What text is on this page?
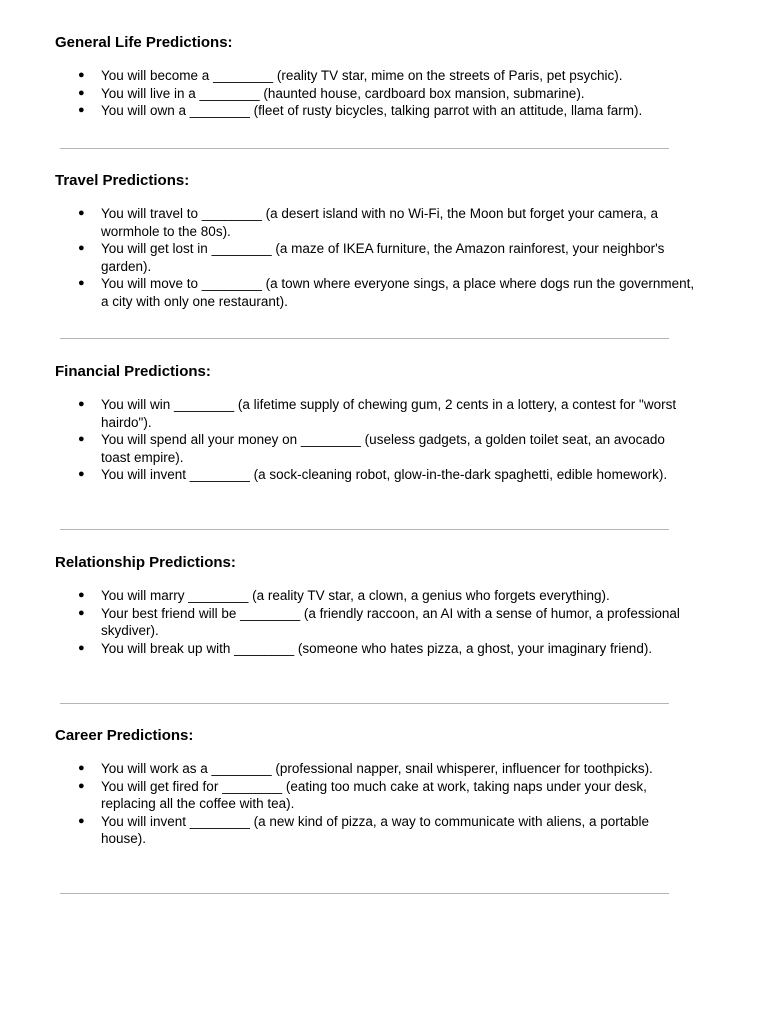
General Life Predictions:
● You will become a ________ (reality TV star, mime on the streets of Paris, pet psychic).
● You will live in a ________ (haunted house, cardboard box mansion, submarine).
● You will own a ________ (fleet of rusty bicycles, talking parrot with an attitude, llama farm).
Travel Predictions:
● You will travel to ________ (a desert island with no Wi-Fi, the Moon but forget your camera, a wormhole to the 80s).
● You will get lost in ________ (a maze of IKEA furniture, the Amazon rainforest, your neighbor's garden).
● You will move to ________ (a town where everyone sings, a place where dogs run the government, a city with only one restaurant).
Financial Predictions:
● You will win ________ (a lifetime supply of chewing gum, 2 cents in a lottery, a contest for "worst hairdo").
● You will spend all your money on ________ (useless gadgets, a golden toilet seat, an avocado toast empire).
● You will invent ________ (a sock-cleaning robot, glow-in-the-dark spaghetti, edible homework).
Relationship Predictions:
● You will marry ________ (a reality TV star, a clown, a genius who forgets everything).
● Your best friend will be ________ (a friendly raccoon, an AI with a sense of humor, a professional skydiver).
● You will break up with ________ (someone who hates pizza, a ghost, your imaginary friend).
Career Predictions:
● You will work as a ________ (professional napper, snail whisperer, influencer for toothpicks).
● You will get fired for ________ (eating too much cake at work, taking naps under your desk, replacing all the coffee with tea).
● You will invent ________ (a new kind of pizza, a way to communicate with aliens, a portable house).
